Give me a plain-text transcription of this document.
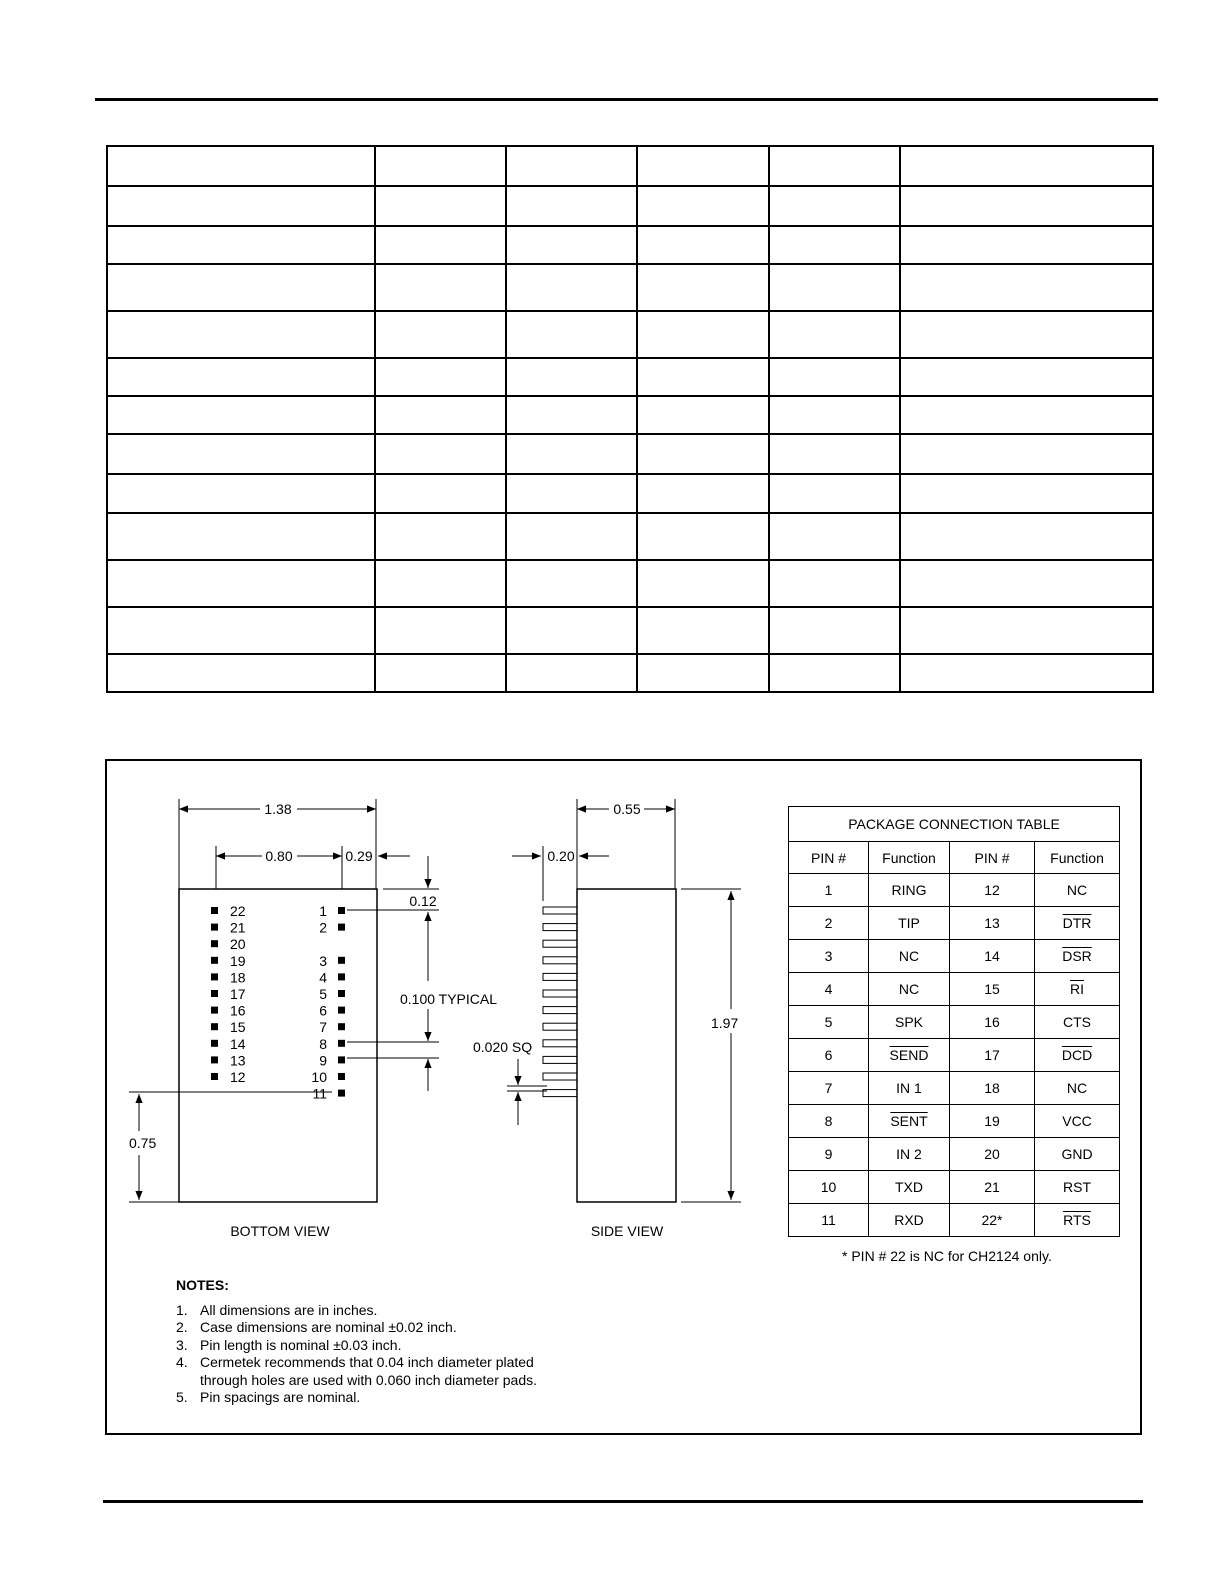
22
21
20
19
18
17
16
15
14
13
12
1
2
3
4
5
6
7
8
9
10
11
1.38
0.80	0.29
0.12
0.100 TYPICAL
0.75
BOTTOM VIEW
0.55
0.20
0.020 SQ
1.97
SIDE VIEW
PACKAGE CONNECTION TABLE			
PIN #	Function	PIN #	Function
1	RING	12	NC
2	TIP	13	$\overline{DTR}$
3	NC	14	$\overline{DSR}$
4	NC	15	$\overline{RI}$
5	SPK	16	CTS
6	SEND	17	$\overline{DCD}$
7	IN 1	18	NC
8	SENT	19	VCC
9	IN 2	20	GND
10	TXD	21	RST
11	RXD	22*	$\overline{RTS}$
* PIN # 22 is NC for CH2124 only.
NOTES:
1. All dimensions are in inches.
2. Case dimensions are nominal ±0.02 inch.
3. Pin length is nominal ±0.03 inch.
4. Cermetek recommends that 0.04 inch diameter plated
through holes are used with 0.060 inch diameter pads.
5. Pin spacings are nominal.
